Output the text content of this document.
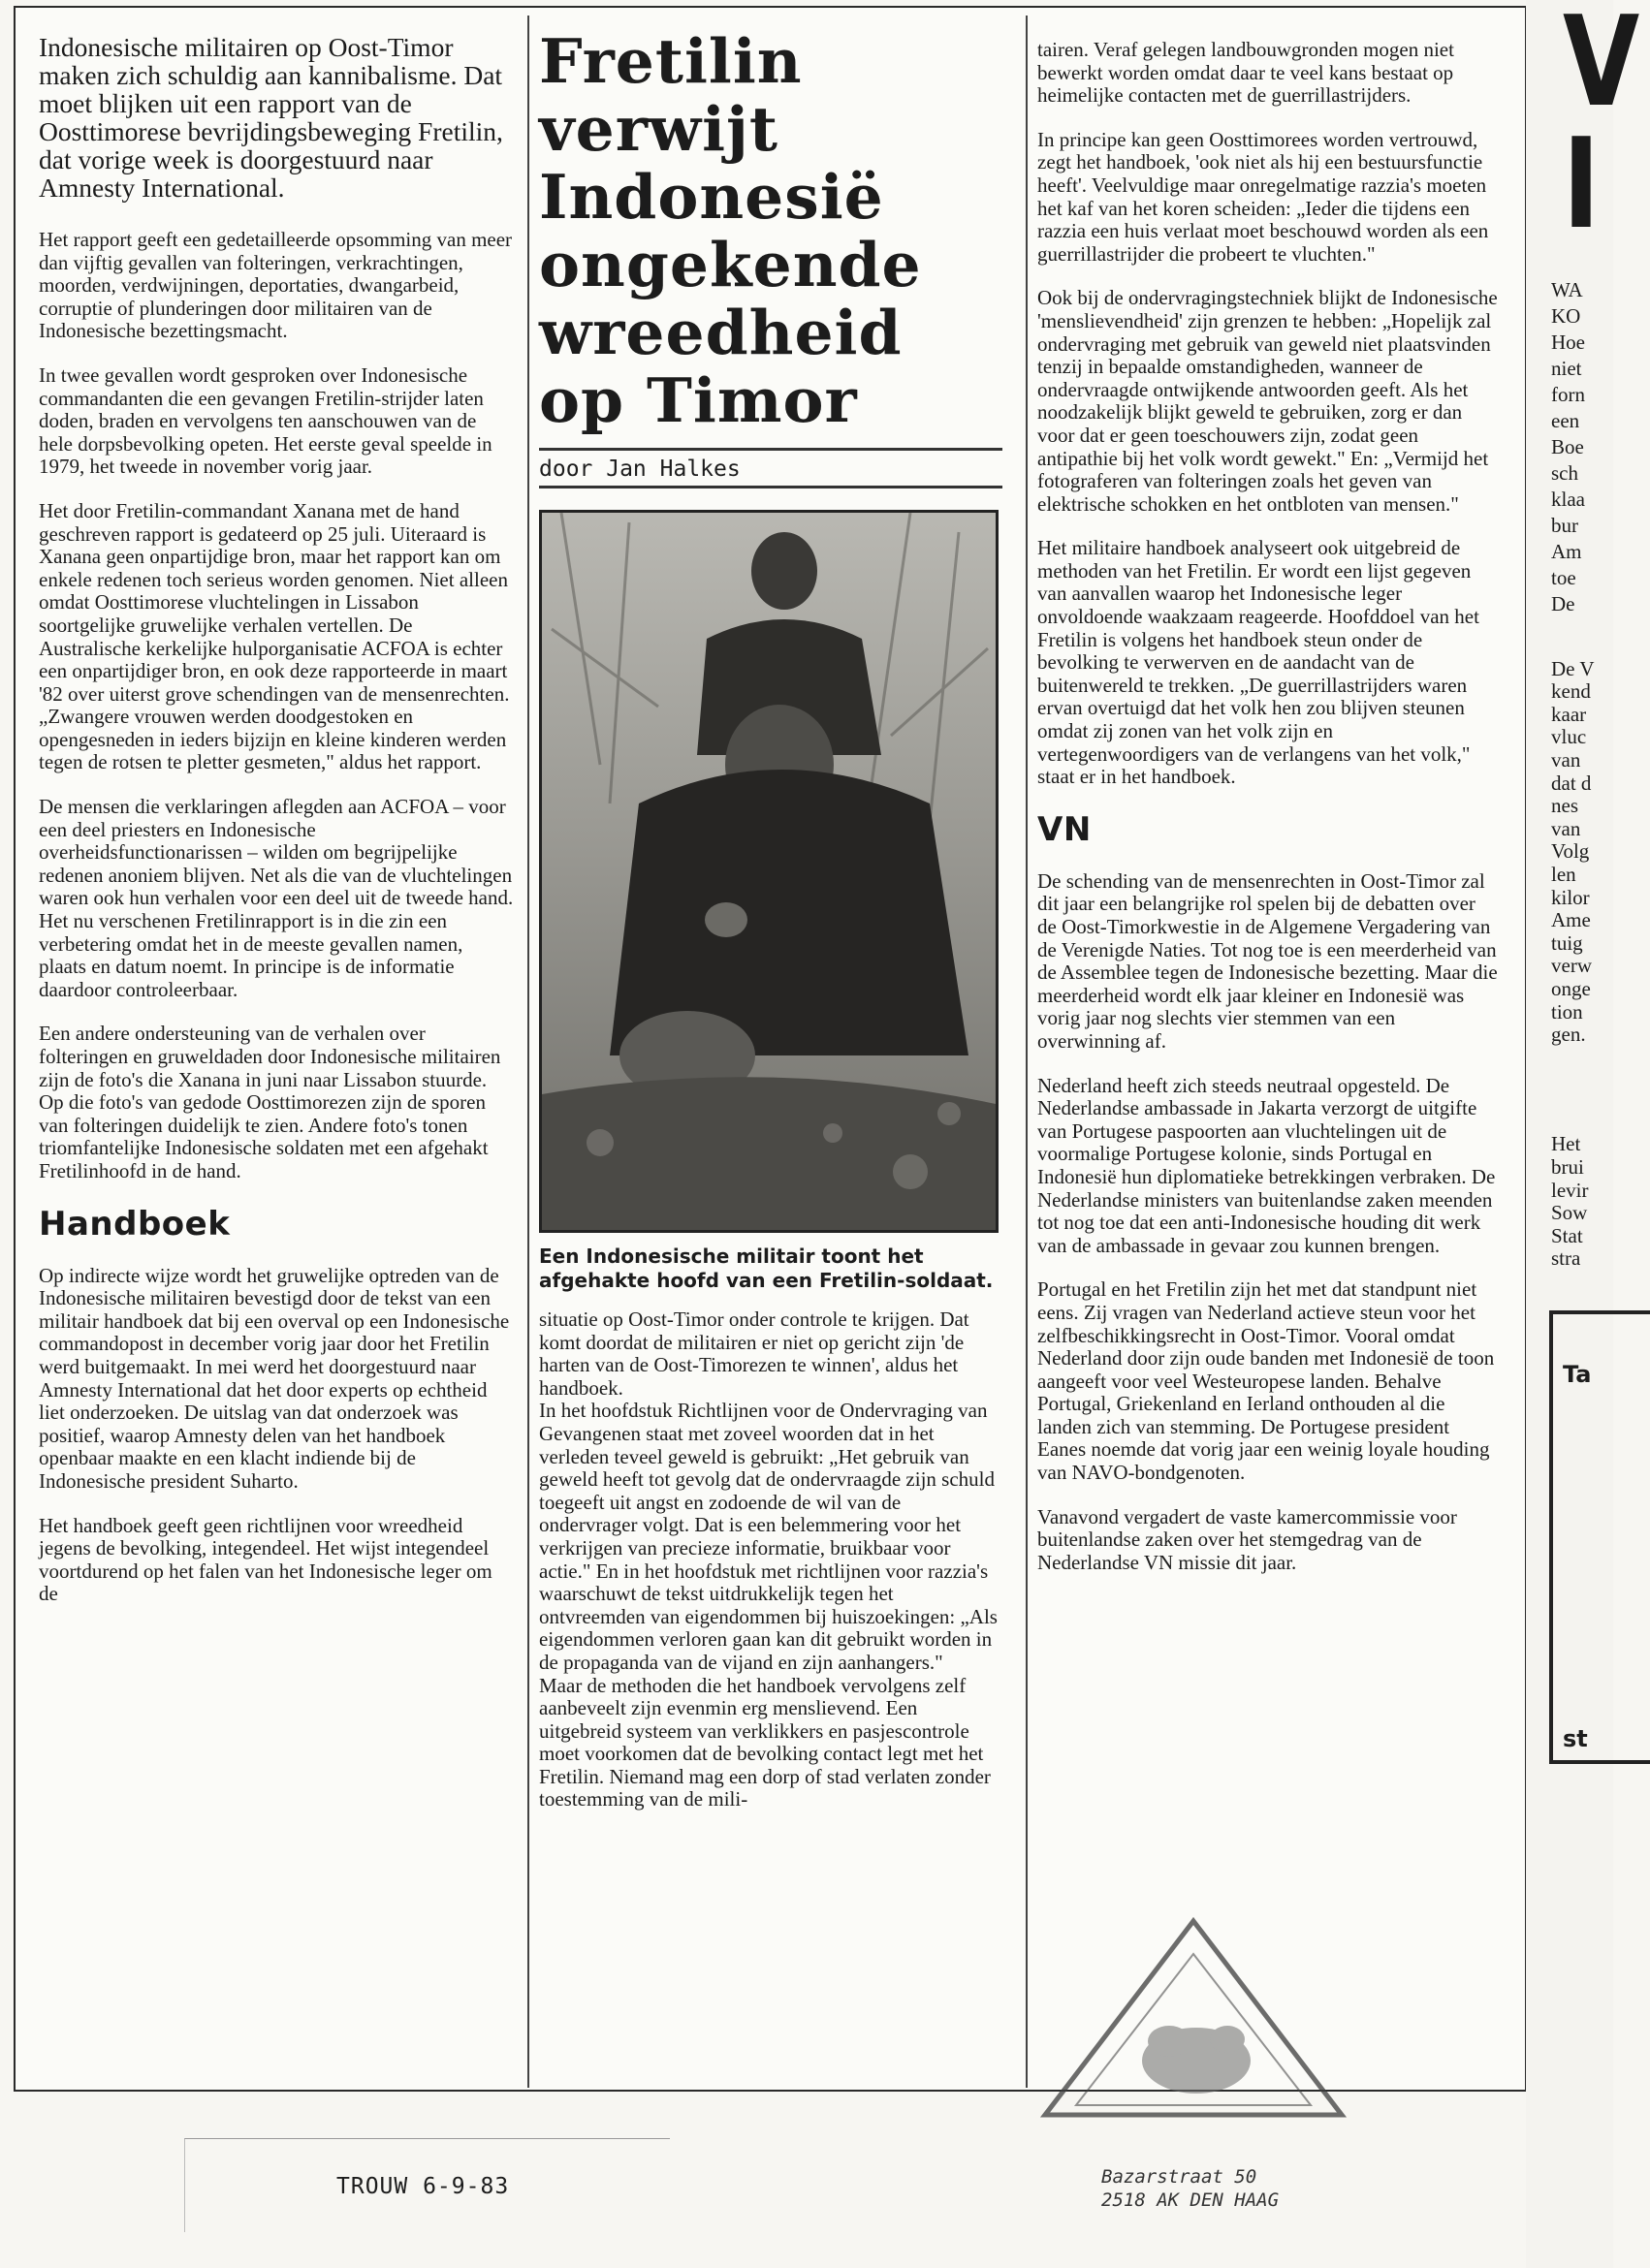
Indonesische militairen op Oost-Timor maken zich schuldig aan kannibalisme. Dat moet blijken uit een rapport van de Oosttimorese bevrijdingsbeweging Fretilin, dat vorige week is doorgestuurd naar Amnesty International.

Het rapport geeft een gedetailleerde opsomming van meer dan vijftig gevallen van folteringen, verkrachtingen, moorden, verdwijningen, deportaties, dwangarbeid, corruptie of plunderingen door militairen van de Indonesische bezettingsmacht.

In twee gevallen wordt gesproken over Indonesische commandanten die een gevangen Fretilin-strijder laten doden, braden en vervolgens ten aanschouwen van de hele dorpsbevolking opeten. Het eerste geval speelde in 1979, het tweede in november vorig jaar.

Het door Fretilin-commandant Xanana met de hand geschreven rapport is gedateerd op 25 juli. Uiteraard is Xanana geen onpartijdige bron, maar het rapport kan om enkele redenen toch serieus worden genomen. Niet alleen omdat Oosttimorese vluchtelingen in Lissabon soortgelijke gruwelijke verhalen vertellen. De Australische kerkelijke hulporganisatie ACFOA is echter een onpartijdiger bron, en ook deze rapporteerde in maart '82 over uiterst grove schendingen van de mensenrechten. „Zwangere vrouwen werden doodgestoken en opengesneden in ieders bijzijn en kleine kinderen werden tegen de rotsen te pletter gesmeten," aldus het rapport.

De mensen die verklaringen aflegden aan ACFOA – voor een deel priesters en Indonesische overheidsfunctionarissen – wilden om begrijpelijke redenen anoniem blijven. Net als die van de vluchtelingen waren ook hun verhalen voor een deel uit de tweede hand. Het nu verschenen Fretilinrapport is in die zin een verbetering omdat het in de meeste gevallen namen, plaats en datum noemt. In principe is de informatie daardoor controleerbaar.

Een andere ondersteuning van de verhalen over folteringen en gruweldaden door Indonesische militairen zijn de foto's die Xanana in juni naar Lissabon stuurde. Op die foto's van gedode Oosttimorezen zijn de sporen van folteringen duidelijk te zien. Andere foto's tonen triomfantelijke Indonesische soldaten met een afgehakt Fretilinhoofd in de hand.

Handboek

Op indirecte wijze wordt het gruwelijke optreden van de Indonesische militairen bevestigd door de tekst van een militair handboek dat bij een overval op een Indonesische commandopost in december vorig jaar door het Fretilin werd buitgemaakt. In mei werd het doorgestuurd naar Amnesty International dat het door experts op echtheid liet onderzoeken. De uitslag van dat onderzoek was positief, waarop Amnesty delen van het handboek openbaar maakte en een klacht indiende bij de Indonesische president Suharto.

Het handboek geeft geen richtlijnen voor wreedheid jegens de bevolking, integendeel. Het wijst integendeel voortdurend op het falen van het Indonesische leger om de

Fretilin
verwijt
Indonesië
ongekende
wreedheid
op Timor
door Jan Halkes
Een Indonesische militair toont het afgehakte hoofd van een Fretilin-soldaat.

situatie op Oost-Timor onder controle te krijgen. Dat komt doordat de militairen er niet op gericht zijn 'de harten van de Oost-Timorezen te winnen', aldus het handboek.

In het hoofdstuk Richtlijnen voor de Ondervraging van Gevangenen staat met zoveel woorden dat in het verleden teveel geweld is gebruikt: „Het gebruik van geweld heeft tot gevolg dat de ondervraagde zijn schuld toegeeft uit angst en zodoende de wil van de ondervrager volgt. Dat is een belemmering voor het verkrijgen van precieze informatie, bruikbaar voor actie." En in het hoofdstuk met richtlijnen voor razzia's waarschuwt de tekst uitdrukkelijk tegen het ontvreemden van eigendommen bij huiszoekingen: „Als eigendommen verloren gaan kan dit gebruikt worden in de propaganda van de vijand en zijn aanhangers."

Maar de methoden die het handboek vervolgens zelf aanbeveelt zijn evenmin erg menslievend. Een uitgebreid systeem van verklikkers en pasjescontrole moet voorkomen dat de bevolking contact legt met het Fretilin. Niemand mag een dorp of stad verlaten zonder toestemming van de mili-

tairen. Veraf gelegen landbouwgronden mogen niet bewerkt worden omdat daar te veel kans bestaat op heimelijke contacten met de guerrillastrijders.

In principe kan geen Oosttimorees worden vertrouwd, zegt het handboek, 'ook niet als hij een bestuursfunctie heeft'. Veelvuldige maar onregelmatige razzia's moeten het kaf van het koren scheiden: „Ieder die tijdens een razzia een huis verlaat moet beschouwd worden als een guerrillastrijder die probeert te vluchten."

Ook bij de ondervragingstechniek blijkt de Indonesische 'menslievendheid' zijn grenzen te hebben: „Hopelijk zal ondervraging met gebruik van geweld niet plaatsvinden tenzij in bepaalde omstandigheden, wanneer de ondervraagde ontwijkende antwoorden geeft. Als het noodzakelijk blijkt geweld te gebruiken, zorg er dan voor dat er geen toeschouwers zijn, zodat geen antipathie bij het volk wordt gewekt." En: „Vermijd het fotograferen van folteringen zoals het geven van elektrische schokken en het ontbloten van mensen."

Het militaire handboek analyseert ook uitgebreid de methoden van het Fretilin. Er wordt een lijst gegeven van aanvallen waarop het Indonesische leger onvoldoende waakzaam reageerde. Hoofddoel van het Fretilin is volgens het handboek steun onder de bevolking te verwerven en de aandacht van de buitenwereld te trekken. „De guerrillastrijders waren ervan overtuigd dat het volk hen zou blijven steunen omdat zij zonen van het volk zijn en vertegenwoordigers van de verlangens van het volk," staat er in het handboek.

VN

De schending van de mensenrechten in Oost-Timor zal dit jaar een belangrijke rol spelen bij de debatten over de Oost-Timorkwestie in de Algemene Vergadering van de Verenigde Naties. Tot nog toe is een meerderheid van de Assemblee tegen de Indonesische bezetting. Maar die meerderheid wordt elk jaar kleiner en Indonesië was vorig jaar nog slechts vier stemmen van een overwinning af.

Nederland heeft zich steeds neutraal opgesteld. De Nederlandse ambassade in Jakarta verzorgt de uitgifte van Portugese paspoorten aan vluchtelingen uit de voormalige Portugese kolonie, sinds Portugal en Indonesië hun diplomatieke betrekkingen verbraken. De Nederlandse ministers van buitenlandse zaken meenden tot nog toe dat een anti-Indonesische houding dit werk van de ambassade in gevaar zou kunnen brengen.

Portugal en het Fretilin zijn het met dat standpunt niet eens. Zij vragen van Nederland actieve steun voor het zelfbeschikkingsrecht in Oost-Timor. Vooral omdat Nederland door zijn oude banden met Indonesië de toon aangeeft voor veel Westeuropese landen. Behalve Portugal, Griekenland en Ierland onthouden al die landen zich van stemming. De Portugese president Eanes noemde dat vorig jaar een weinig loyale houding van NAVO-bondgenoten.

Vanavond vergadert de vaste kamercommissie voor buitenlandse zaken over het stemgedrag van de Nederlandse VN missie dit jaar.

V
I
WA
KO
Hoe
niet
forn
een
Boe
sch
klaa
bur
Am
toe
De
De V
kend
kaar
vluc
van
dat d
nes
van
Volg
len
kilor
Ame
tuig
verw
onge
tion
gen.
Het
brui
levir
Sow
Stat
stra
Ta
st
TROUW 6-9-83	Bazarstraat 50
2518 AK DEN HAAG
